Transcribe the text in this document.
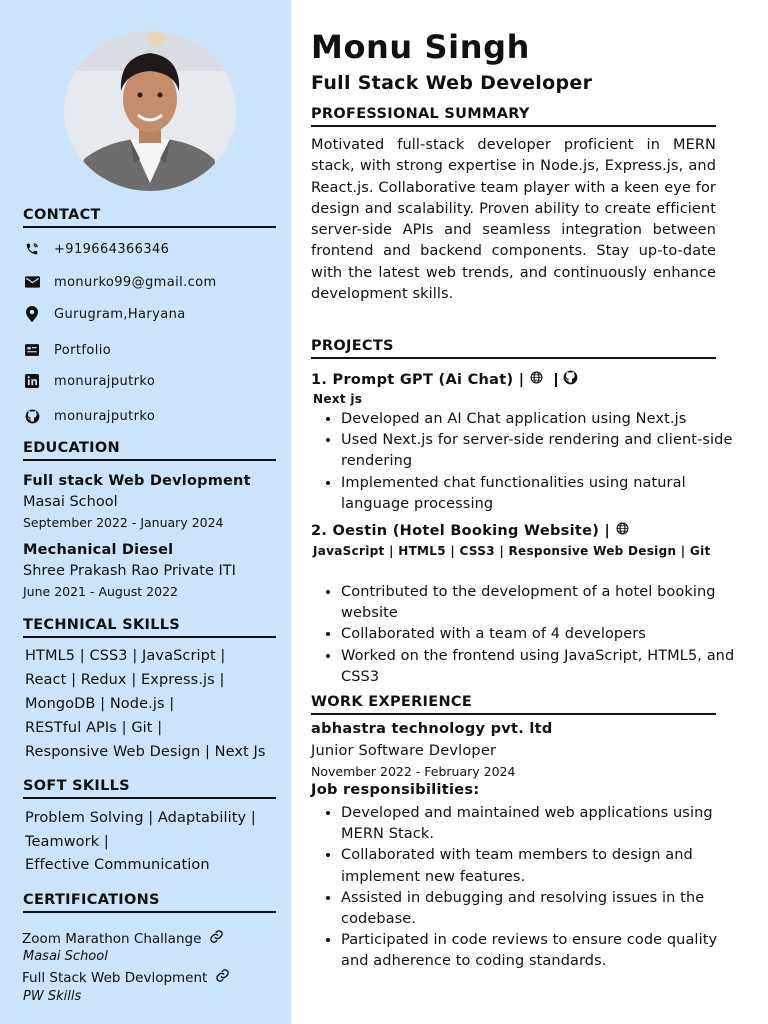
CONTACT
+919664366346
monurko99@gmail.com
Gurugram,Haryana
Portfolio
monurajputrko
monurajputrko
EDUCATION
Full stack Web Devlopment
Masai School
September 2022 - January 2024
Mechanical Diesel
Shree Prakash Rao Private ITI
June 2021 - August 2022
TECHNICAL SKILLS
HTML5 | CSS3 | JavaScript |
React | Redux | Express.js |
MongoDB | Node.js |
RESTful APIs | Git |
Responsive Web Design | Next Js
SOFT SKILLS
Problem Solving | Adaptability |
Teamwork |
Effective Communication
CERTIFICATIONS
Zoom Marathon Challange
Masai School
Full Stack Web Devlopment
PW Skills
Monu Singh
Full Stack Web Developer
PROFESSIONAL SUMMARY
Motivated full-stack developer proficient in MERN stack, with strong expertise in Node.js, Express.js, and React.js. Collaborative team player with a keen eye for design and scalability. Proven ability to create efficient server-side APIs and seamless integration between frontend and backend components. Stay up-to-date with the latest web trends, and continuously enhance development skills.
PROJECTS
1. Prompt GPT (Ai Chat) |
Next js
• Developed an AI Chat application using Next.js
• Used Next.js for server-side rendering and client-side rendering
• Implemented chat functionalities using natural language processing
2. Oestin (Hotel Booking Website) |
JavaScript | HTML5 | CSS3 | Responsive Web Design | Git
• Contributed to the development of a hotel booking website
• Collaborated with a team of 4 developers
• Worked on the frontend using JavaScript, HTML5, and CSS3
WORK EXPERIENCE
abhastra technology pvt. ltd
Junior Software Devloper
November 2022 - February 2024
Job responsibilities:
• Developed and maintained web applications using MERN Stack.
• Collaborated with team members to design and implement new features.
• Assisted in debugging and resolving issues in the codebase.
• Participated in code reviews to ensure code quality and adherence to coding standards.
